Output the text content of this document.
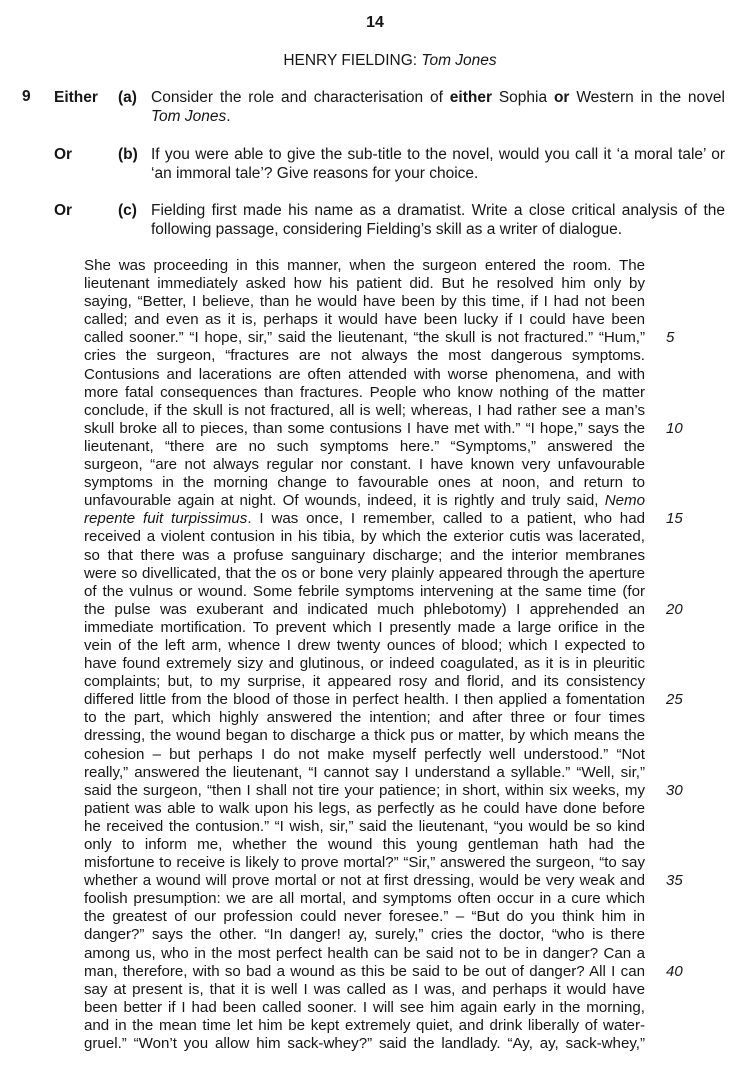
14
HENRY FIELDING: Tom Jones
9 Either (a) Consider the role and characterisation of either Sophia or Western in the novel Tom Jones.
Or	(b) If you were able to give the sub-title to the novel, would you call it ‘a moral tale’ or ‘an immoral tale’? Give reasons for your choice.
Or	(c) Fielding first made his name as a dramatist. Write a close critical analysis of the following passage, considering Fielding’s skill as a writer of dialogue.
She was proceeding in this manner, when the surgeon entered the room. The
lieutenant immediately asked how his patient did. But he resolved him only by
saying, “Better, I believe, than he would have been by this time, if I had not been
called; and even as it is, perhaps it would have been lucky if I could have been
called sooner.” “I hope, sir,” said the lieutenant, “the skull is not fractured.” “Hum,” 5
cries the surgeon, “fractures are not always the most dangerous symptoms.
Contusions and lacerations are often attended with worse phenomena, and with
more fatal consequences than fractures. People who know nothing of the matter
conclude, if the skull is not fractured, all is well; whereas, I had rather see a man’s
skull broke all to pieces, than some contusions I have met with.” “I hope,” says the 10
lieutenant, “there are no such symptoms here.” “Symptoms,” answered the
surgeon, “are not always regular nor constant. I have known very unfavourable
symptoms in the morning change to favourable ones at noon, and return to
unfavourable again at night. Of wounds, indeed, it is rightly and truly said, Nemo
repente fuit turpissimus. I was once, I remember, called to a patient, who had 15
received a violent contusion in his tibia, by which the exterior cutis was lacerated,
so that there was a profuse sanguinary discharge; and the interior membranes
were so divellicated, that the os or bone very plainly appeared through the aperture
of the vulnus or wound. Some febrile symptoms intervening at the same time (for
the pulse was exuberant and indicated much phlebotomy) I apprehended an 20
immediate mortification. To prevent which I presently made a large orifice in the
vein of the left arm, whence I drew twenty ounces of blood; which I expected to
have found extremely sizy and glutinous, or indeed coagulated, as it is in pleuritic
complaints; but, to my surprise, it appeared rosy and florid, and its consistency
differed little from the blood of those in perfect health. I then applied a fomentation 25
to the part, which highly answered the intention; and after three or four times
dressing, the wound began to discharge a thick pus or matter, by which means the
cohesion – but perhaps I do not make myself perfectly well understood.” “Not
really,” answered the lieutenant, “I cannot say I understand a syllable.” “Well, sir,”
said the surgeon, “then I shall not tire your patience; in short, within six weeks, my 30
patient was able to walk upon his legs, as perfectly as he could have done before
he received the contusion.” “I wish, sir,” said the lieutenant, “you would be so kind
only to inform me, whether the wound this young gentleman hath had the
misfortune to receive is likely to prove mortal?” “Sir,” answered the surgeon, “to say
whether a wound will prove mortal or not at first dressing, would be very weak and 35
foolish presumption: we are all mortal, and symptoms often occur in a cure which
the greatest of our profession could never foresee.” – “But do you think him in
danger?” says the other. “In danger! ay, surely,” cries the doctor, “who is there
among us, who in the most perfect health can be said not to be in danger? Can a
man, therefore, with so bad a wound as this be said to be out of danger? All I can 40
say at present is, that it is well I was called as I was, and perhaps it would have
been better if I had been called sooner. I will see him again early in the morning,
and in the mean time let him be kept extremely quiet, and drink liberally of water-
gruel.” “Won’t you allow him sack-whey?” said the landlady. “Ay, ay, sack-whey,”
